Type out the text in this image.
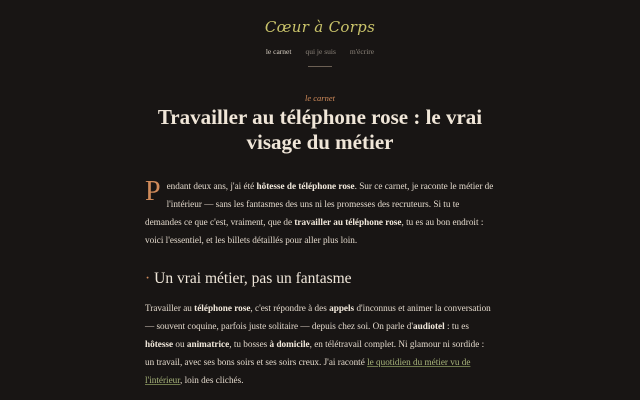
Cœur à Corps
le carnet qui je suis m'écrire
le carnet
Travailler au téléphone rose : le vrai visage du métier

Pendant deux ans, j'ai été hôtesse de téléphone rose. Sur ce carnet, je raconte le métier de l'intérieur — sans les fantasmes des uns ni les promesses des recruteurs. Si tu te demandes ce que c'est, vraiment, que de travailler au téléphone rose, tu es au bon endroit : voici l'essentiel, et les billets détaillés pour aller plus loin.

· Un vrai métier, pas un fantasme

Travailler au téléphone rose, c'est répondre à des appels d'inconnus et animer la conversation — souvent coquine, parfois juste solitaire — depuis chez soi. On parle d'audiotel : tu es hôtesse ou animatrice, tu bosses à domicile, en télétravail complet. Ni glamour ni sordide : un travail, avec ses bons soirs et ses soirs creux. J'ai raconté le quotidien du métier vu de l'intérieur, loin des clichés.
